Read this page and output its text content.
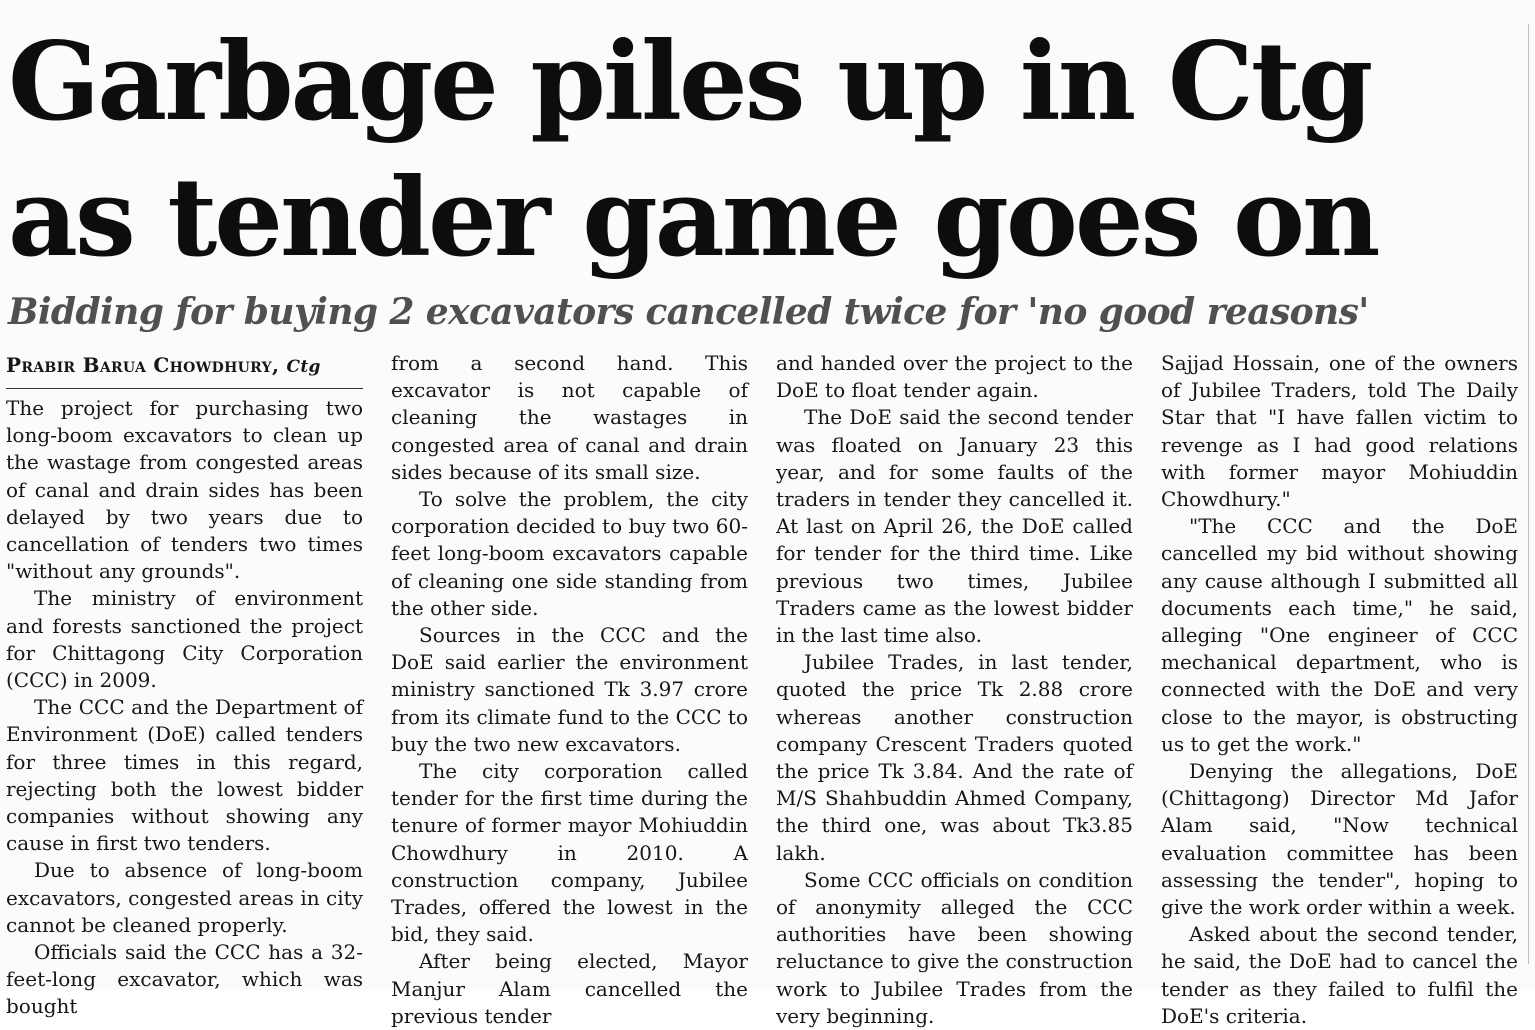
Garbage piles up in Ctg as tender game goes on
Bidding for buying 2 excavators cancelled twice for 'no good reasons'
Prabir Barua Chowdhury, Ctg

The project for purchasing two long-boom excavators to clean up the wastage from congested areas of canal and drain sides has been delayed by two years due to cancellation of tenders two times "without any grounds".

The ministry of environment and forests sanctioned the project for Chittagong City Corporation (CCC) in 2009.

The CCC and the Department of Environment (DoE) called tenders for three times in this regard, rejecting both the lowest bidder companies without showing any cause in first two tenders.

Due to absence of long-boom excavators, congested areas in city cannot be cleaned properly.

Officials said the CCC has a 32-feet-long excavator, which was bought

from a second hand. This excavator is not capable of cleaning the wastages in congested area of canal and drain sides because of its small size.

To solve the problem, the city corporation decided to buy two 60-feet long-boom excavators capable of cleaning one side standing from the other side.

Sources in the CCC and the DoE said earlier the environment ministry sanctioned Tk 3.97 crore from its climate fund to the CCC to buy the two new excavators.

The city corporation called tender for the first time during the tenure of former mayor Mohiuddin Chowdhury in 2010. A construction company, Jubilee Trades, offered the lowest in the bid, they said.

After being elected, Mayor Manjur Alam cancelled the previous tender

and handed over the project to the DoE to float tender again.

The DoE said the second tender was floated on January 23 this year, and for some faults of the traders in tender they cancelled it. At last on April 26, the DoE called for tender for the third time. Like previous two times, Jubilee Traders came as the lowest bidder in the last time also.

Jubilee Trades, in last tender, quoted the price Tk 2.88 crore whereas another construction company Crescent Traders quoted the price Tk 3.84. And the rate of M/S Shahbuddin Ahmed Company, the third one, was about Tk3.85 lakh.

Some CCC officials on condition of anonymity alleged the CCC authorities have been showing reluctance to give the construction work to Jubilee Trades from the very beginning.

Sajjad Hossain, one of the owners of Jubilee Traders, told The Daily Star that "I have fallen victim to revenge as I had good relations with former mayor Mohiuddin Chowdhury."

"The CCC and the DoE cancelled my bid without showing any cause although I submitted all documents each time," he said, alleging "One engineer of CCC mechanical department, who is connected with the DoE and very close to the mayor, is obstructing us to get the work."

Denying the allegations, DoE (Chittagong) Director Md Jafor Alam said, "Now technical evaluation committee has been assessing the tender", hoping to give the work order within a week.

Asked about the second tender, he said, the DoE had to cancel the tender as they failed to fulfil the DoE's criteria.
